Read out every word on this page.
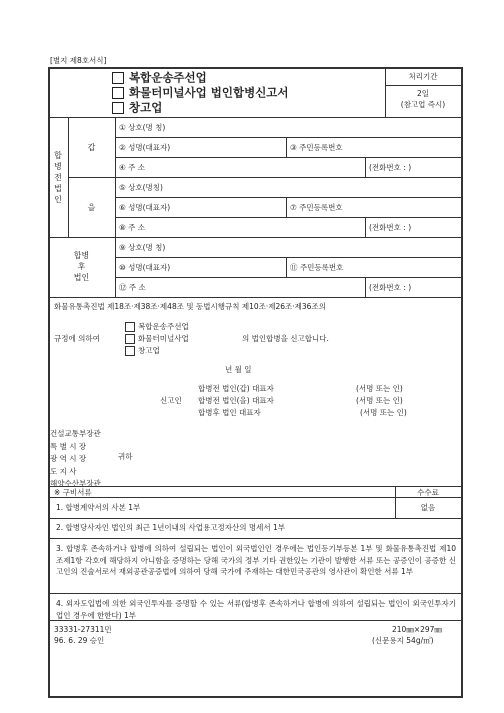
[별지 제8호서식]
복합운송주선업
화물터미널사업 법인합병신고서
창고업
처리기간
2일
(참고업 즉시)
합
병
전
법
인
갑
을
합병
후
법인
① 상호(명 칭)
② 성명(대표자)	③ 주민등록번호
④ 주 소	(전화번호 : )
⑤ 상호(명칭)
⑥ 성명(대표자)	⑦ 주민등록번호
⑧ 주 소	(전화번호 : )
⑨ 상호(명 칭)
⑩ 성명(대표자)	⑪ 주민등록번호
⑫ 주 소	(전화번호 : )
화물유통촉진법 제18조·제38조·제48조 및 동법시행규칙 제10조·제26조·제36조의
규정에 의하여
복합운송주선업
화물터미널사업
창고업
의 법인합병을 신고합니다.
년 월 일
신고인
합병전 법인(갑) 대표자
합병전 법인(을) 대표자
합병후 법인 대표자
(서명 또는 인)
(서명 또는 인)
(서명 또는 인)
건설교통부장관
특 별 시 장
광 역 시 장
도 지 사
해양수산부장관
귀하
※ 구비서류	수수료
없음
1. 합병계약서의 사본 1부
2. 합병당사자인 법인의 최근 1년이내의 사업용고정자산의 명세서 1부
3. 합병후 존속하거나 합병에 의하여 설립되는 법인이 외국법인인 경우에는 법인등기부등본 1부 및 화물유통촉진법 제10조제1항 각호에 해당하지 아니함을 증명하는 당해 국가의 정부 기타 권한있는 기관이 발행한 서류 또는 공증인이 공증한 신고인의 진술서로서 재외공관공증법에 의하여 당해 국가에 주재하는 대한민국공관의 영사관이 확인한 서류 1부
4. 외자도입법에 의한 외국인투자를 증명할 수 있는 서류(합병후 존속하거나 합병에 의하여 설립되는 법인이 외국인투자기업인 경우에 한한다) 1부
33331-27311민
96. 6. 29 승인
210㎜×297㎜
(신문용지 54g/㎡)
